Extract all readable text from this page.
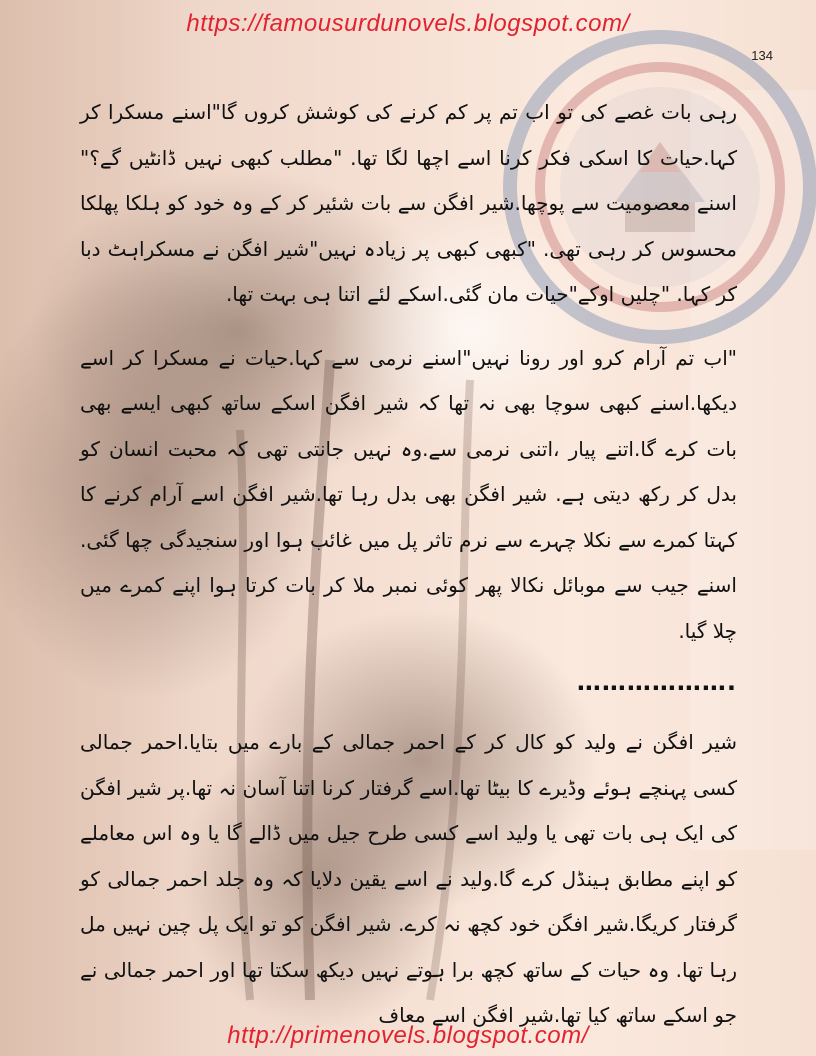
https://famousurdunovels.blogspot.com/
134

رہی بات غصے کی تو اب تم پر کم کرنے کی کوشش کروں گا"اسنے مسکرا کر کہا.حیات کا اسکی فکر کرنا اسے اچھا لگا تھا. "مطلب کبھی نہیں ڈانٹیں گے؟" اسنے معصومیت سے پوچھا.شیر افگن سے بات شئیر کر کے وہ خود کو ہلکا پھلکا محسوس کر رہی تھی. "کبھی کبھی پر زیادہ نہیں"شیر افگن نے مسکراہٹ دبا کر کہا. "چلیں اوکے"حیات مان گئی.اسکے لئے اتنا ہی بہت تھا.

"اب تم آرام کرو اور رونا نہیں"اسنے نرمی سے کہا.حیات نے مسکرا کر اسے دیکھا.اسنے کبھی سوچا بھی نہ تھا کہ شیر افگن اسکے ساتھ کبھی ایسے بھی بات کرے گا.اتنے پیار ،اتنی نرمی سے.وہ نہیں جانتی تھی کہ محبت انسان کو بدل کر رکھ دیتی ہے. شیر افگن بھی بدل رہا تھا.شیر افگن اسے آرام کرنے کا کہتا کمرے سے نکلا چہرے سے نرم تاثر پل میں غائب ہوا اور سنجیدگی چھا گئی. اسنے جیب سے موبائل نکالا پھر کوئی نمبر ملا کر بات کرتا ہوا اپنے کمرے میں چلا گیا.

……………….

شیر افگن نے ولید کو کال کر کے احمر جمالی کے بارے میں بتایا.احمر جمالی کسی پہنچے ہوئے وڈیرے کا بیٹا تھا.اسے گرفتار کرنا اتنا آسان نہ تھا.پر شیر افگن کی ایک ہی بات تھی یا ولید اسے کسی طرح جیل میں ڈالے گا یا وہ اس معاملے کو اپنے مطابق ہینڈل کرے گا.ولید نے اسے یقین دلایا کہ وہ جلد احمر جمالی کو گرفتار کریگا.شیر افگن خود کچھ نہ کرے. شیر افگن کو تو ایک پل چین نہیں مل رہا تھا. وہ حیات کے ساتھ کچھ برا ہوتے نہیں دیکھ سکتا تھا اور احمر جمالی نے جو اسکے ساتھ کیا تھا.شیر افگن اسے معاف

http://primenovels.blogspot.com/
